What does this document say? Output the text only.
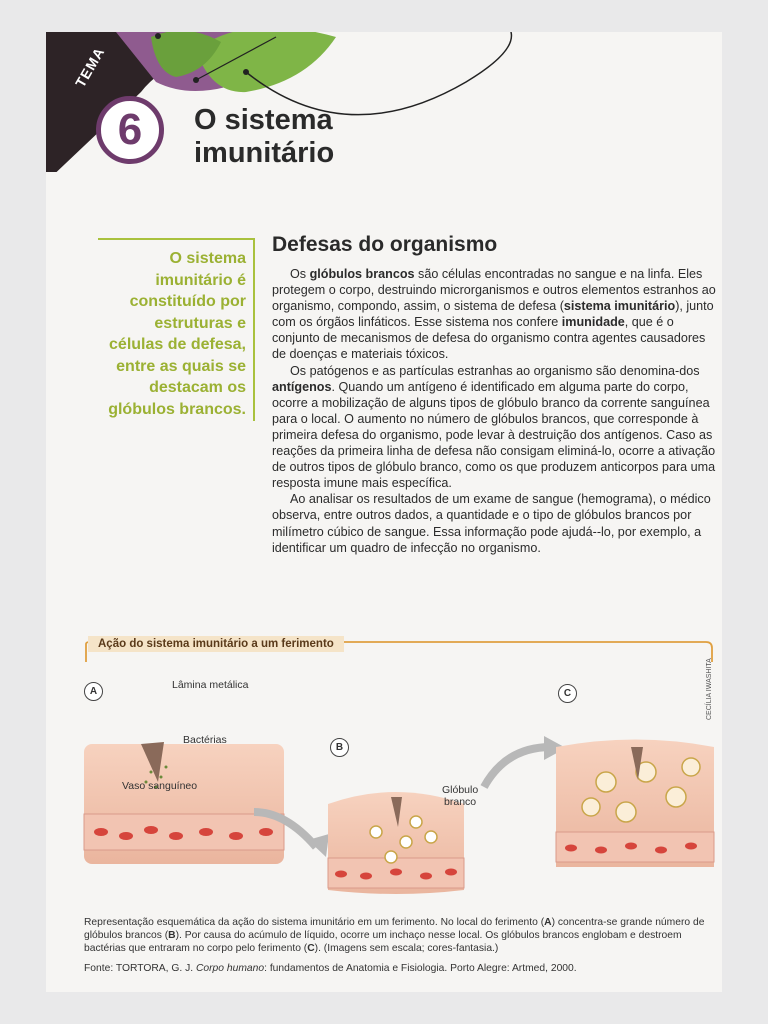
TEMA
6	O sistema
imunitário
O sistema imunitário é constituído por estruturas e células de defesa, entre as quais se destacam os glóbulos brancos.
Defesas do organismo

Os glóbulos brancos são células encontradas no sangue e na linfa. Eles protegem o corpo, destruindo microrganismos e outros elementos estranhos ao organismo, compondo, assim, o sistema de defesa (sistema imunitário), junto com os órgãos linfáticos. Esse sistema nos confere imunidade, que é o conjunto de mecanismos de defesa do organismo contra agentes causadores de doenças e materiais tóxicos.

Os patógenos e as partículas estranhas ao organismo são denomina-dos antígenos. Quando um antígeno é identificado em alguma parte do corpo, ocorre a mobilização de alguns tipos de glóbulo branco da corrente sanguínea para o local. O aumento no número de glóbulos brancos, que corresponde à primeira defesa do organismo, pode levar à destruição dos antígenos. Caso as reações da primeira linha de defesa não consigam eliminá-lo, ocorre a ativação de outros tipos de glóbulo branco, como os que produzem anticorpos para uma resposta imune mais específica.

Ao analisar os resultados de um exame de sangue (hemograma), o médico observa, entre outros dados, a quantidade e o tipo de glóbulos brancos por milímetro cúbico de sangue. Essa informação pode ajudá--lo, por exemplo, a identificar um quadro de infecção no organismo.

Ação do sistema imunitário a um ferimento
A
B
C
Lâmina metálica
Bactérias
Vaso sanguíneo	Glóbulo
branco
CECÍLIA IWASHITA
Representação esquemática da ação do sistema imunitário em um ferimento. No local do ferimento (A) concentra-se grande número de glóbulos brancos (B). Por causa do acúmulo de líquido, ocorre um inchaço nesse local. Os glóbulos brancos englobam e destroem bactérias que entraram no corpo pelo ferimento (C). (Imagens sem escala; cores-fantasia.)
Fonte: TORTORA, G. J. Corpo humano: fundamentos de Anatomia e Fisiologia. Porto Alegre: Artmed, 2000.
